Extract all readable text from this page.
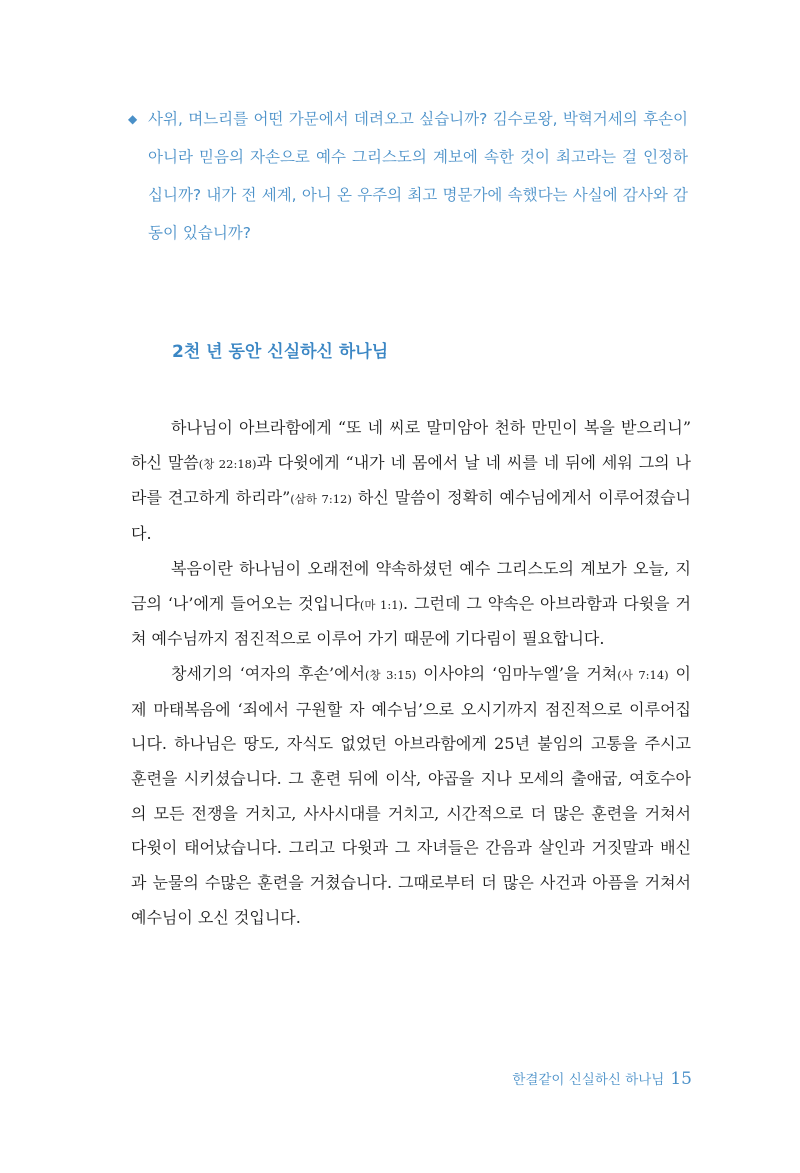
◆ 사위, 며느리를 어떤 가문에서 데려오고 싶습니까? 김수로왕, 박혁거세의 후손이 아니라 믿음의 자손으로 예수 그리스도의 계보에 속한 것이 최고라는 걸 인정하십니까? 내가 전 세계, 아니 온 우주의 최고 명문가에 속했다는 사실에 감사와 감동이 있습니까?

2천 년 동안 신실하신 하나님

하나님이 아브라함에게 “또 네 씨로 말미암아 천하 만민이 복을 받으리니” 하신 말씀(창 22:18)과 다윗에게 “내가 네 몸에서 날 네 씨를 네 뒤에 세워 그의 나라를 견고하게 하리라”(삼하 7:12) 하신 말씀이 정확히 예수님에게서 이루어졌습니다.

복음이란 하나님이 오래전에 약속하셨던 예수 그리스도의 계보가 오늘, 지금의 ‘나’에게 들어오는 것입니다(마 1:1). 그런데 그 약속은 아브라함과 다윗을 거쳐 예수님까지 점진적으로 이루어 가기 때문에 기다림이 필요합니다.

창세기의 ‘여자의 후손’에서(창 3:15) 이사야의 ‘임마누엘’을 거쳐(사 7:14) 이제 마태복음에 ‘죄에서 구원할 자 예수님’으로 오시기까지 점진적으로 이루어집니다. 하나님은 땅도, 자식도 없었던 아브라함에게 25년 불임의 고통을 주시고 훈련을 시키셨습니다. 그 훈련 뒤에 이삭, 야곱을 지나 모세의 출애굽, 여호수아의 모든 전쟁을 거치고, 사사시대를 거치고, 시간적으로 더 많은 훈련을 거쳐서 다윗이 태어났습니다. 그리고 다윗과 그 자녀들은 간음과 살인과 거짓말과 배신과 눈물의 수많은 훈련을 거쳤습니다. 그때로부터 더 많은 사건과 아픔을 거쳐서 예수님이 오신 것입니다.

한결같이 신실하신 하나님 15
